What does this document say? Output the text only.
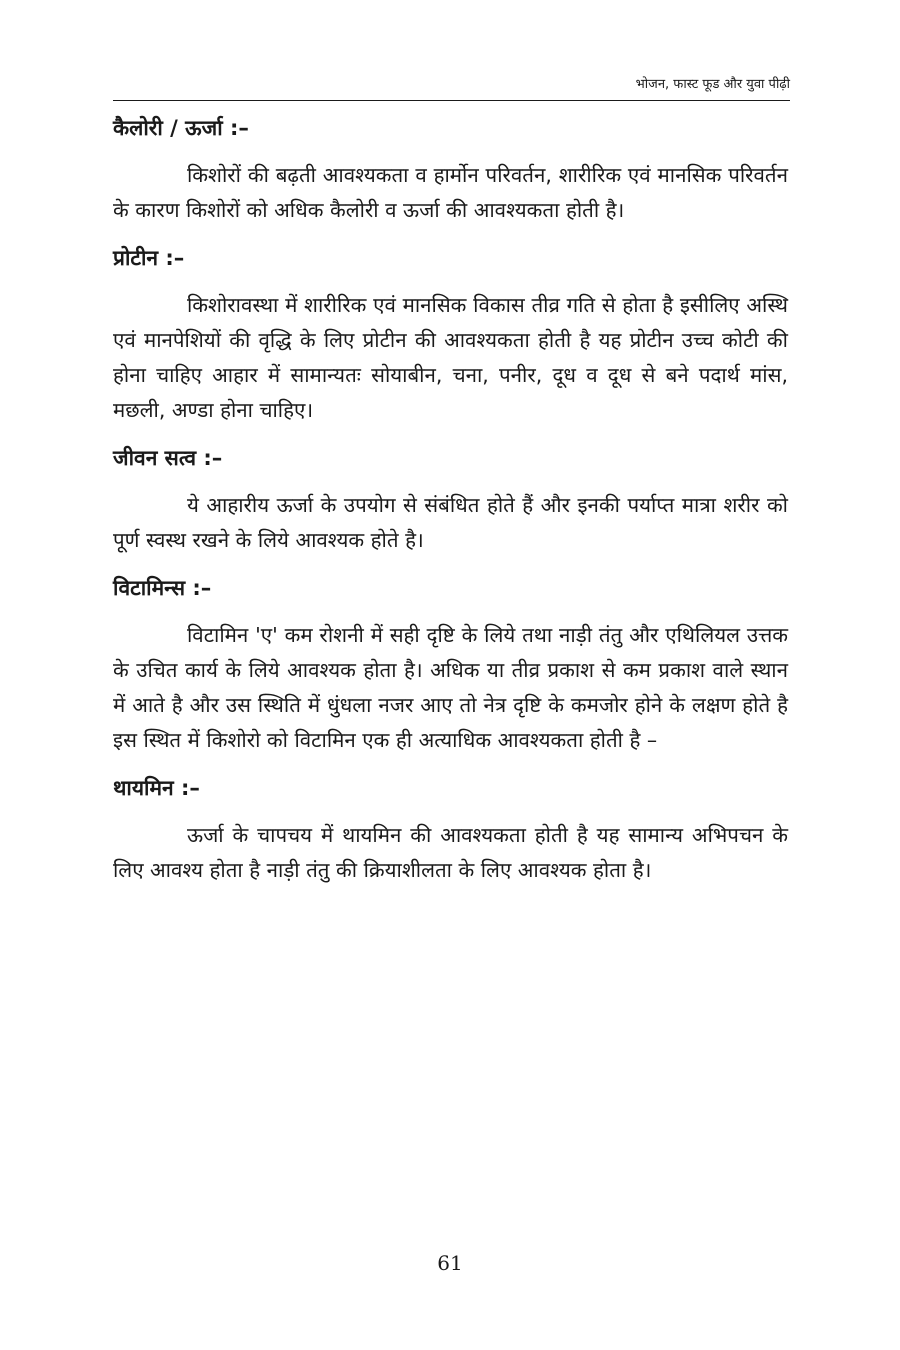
भोजन, फास्ट फूड और युवा पीढ़ी
कैलोरी / ऊर्जा :–
किशोरों की बढ़ती आवश्यकता व हार्मोन परिवर्तन, शारीरिक एवं मानसिक परिवर्तन के कारण किशोरों को अधिक कैलोरी व ऊर्जा की आवश्यकता होती है।
प्रोटीन :–
किशोरावस्था में शारीरिक एवं मानसिक विकास तीव्र गति से होता है इसीलिए अस्थि एवं मानपेशियों की वृद्धि के लिए प्रोटीन की आवश्यकता होती है यह प्रोटीन उच्च कोटी की होना चाहिए आहार में सामान्यतः सोयाबीन, चना, पनीर, दूध व दूध से बने पदार्थ मांस, मछली, अण्डा होना चाहिए।
जीवन सत्व :–
ये आहारीय ऊर्जा के उपयोग से संबंधित होते हैं और इनकी पर्याप्त मात्रा शरीर को पूर्ण स्वस्थ रखने के लिये आवश्यक होते है।
विटामिन्स :–
विटामिन 'ए' कम रोशनी में सही दृष्टि के लिये तथा नाड़ी तंतु और एथिलियल उत्तक के उचित कार्य के लिये आवश्यक होता है। अधिक या तीव्र प्रकाश से कम प्रकाश वाले स्थान में आते है और उस स्थिति में धुंधला नजर आए तो नेत्र दृष्टि के कमजोर होने के लक्षण होते है इस स्थित में किशोरो को विटामिन एक ही अत्याधिक आवश्यकता होती है –
थायमिन :–
ऊर्जा के चापचय में थायमिन की आवश्यकता होती है यह सामान्य अभिपचन के लिए आवश्य होता है नाड़ी तंतु की क्रियाशीलता के लिए आवश्यक होता है।
61
